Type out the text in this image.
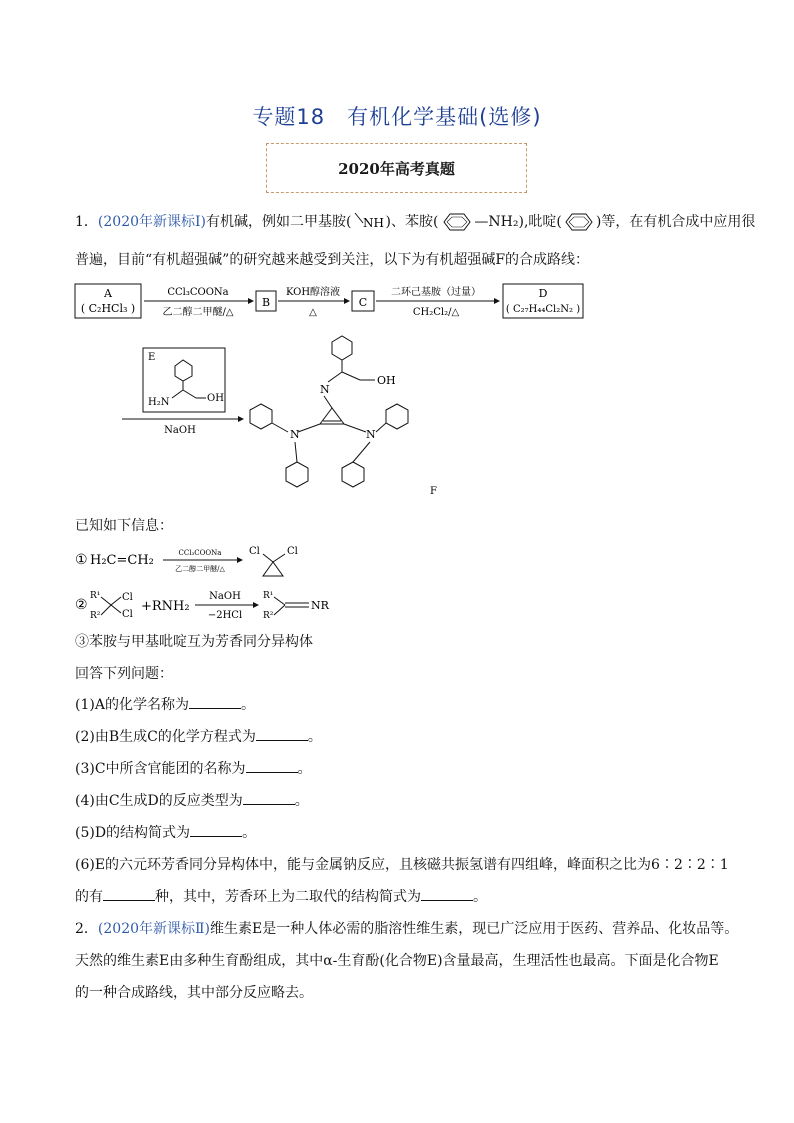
专题18　有机化学基础(选修)
2020年高考真题
1．(2020年新课标Ⅰ)有机碱，例如二甲基胺( NH )、苯胺(	—NH₂),吡啶( )等，在有机合成中应用很
普遍，目前“有机超强碱”的研究越来越受到关注，以下为有机超强碱F的合成路线：
A
( C₂HCl₃ )
CCl₃COONa
乙二醇二甲醚/△
B
KOH醇溶液
△
C
二环己基胺（过量）
CH₂Cl₂/△
D
( C₂₇H₄₄Cl₂N₂ )
E
H₂N	OH
NaOH
OH
N
N	N
F
已知如下信息：
① H₂C=CH₂	CCl₃COONa
乙二醇二甲醚/△
Cl	Cl
②
R¹
R²
Cl
Cl
+RNH₂
NaOH
−2HCl
R¹
R²
NR
③苯胺与甲基吡啶互为芳香同分异构体
回答下列问题：
(1)A的化学名称为	。
(2)由B生成C的化学方程式为	。
(3)C中所含官能团的名称为	。
(4)由C生成D的反应类型为	。
(5)D的结构简式为	。
(6)E的六元环芳香同分异构体中，能与金属钠反应，且核磁共振氢谱有四组峰，峰面积之比为6∶2∶2∶1
的有	种，其中，芳香环上为二取代的结构简式为	。
2．(2020年新课标Ⅱ)维生素E是一种人体必需的脂溶性维生素，现已广泛应用于医药、营养品、化妆品等。
天然的维生素E由多种生育酚组成，其中α-生育酚(化合物E)含量最高，生理活性也最高。下面是化合物E
的一种合成路线，其中部分反应略去。
